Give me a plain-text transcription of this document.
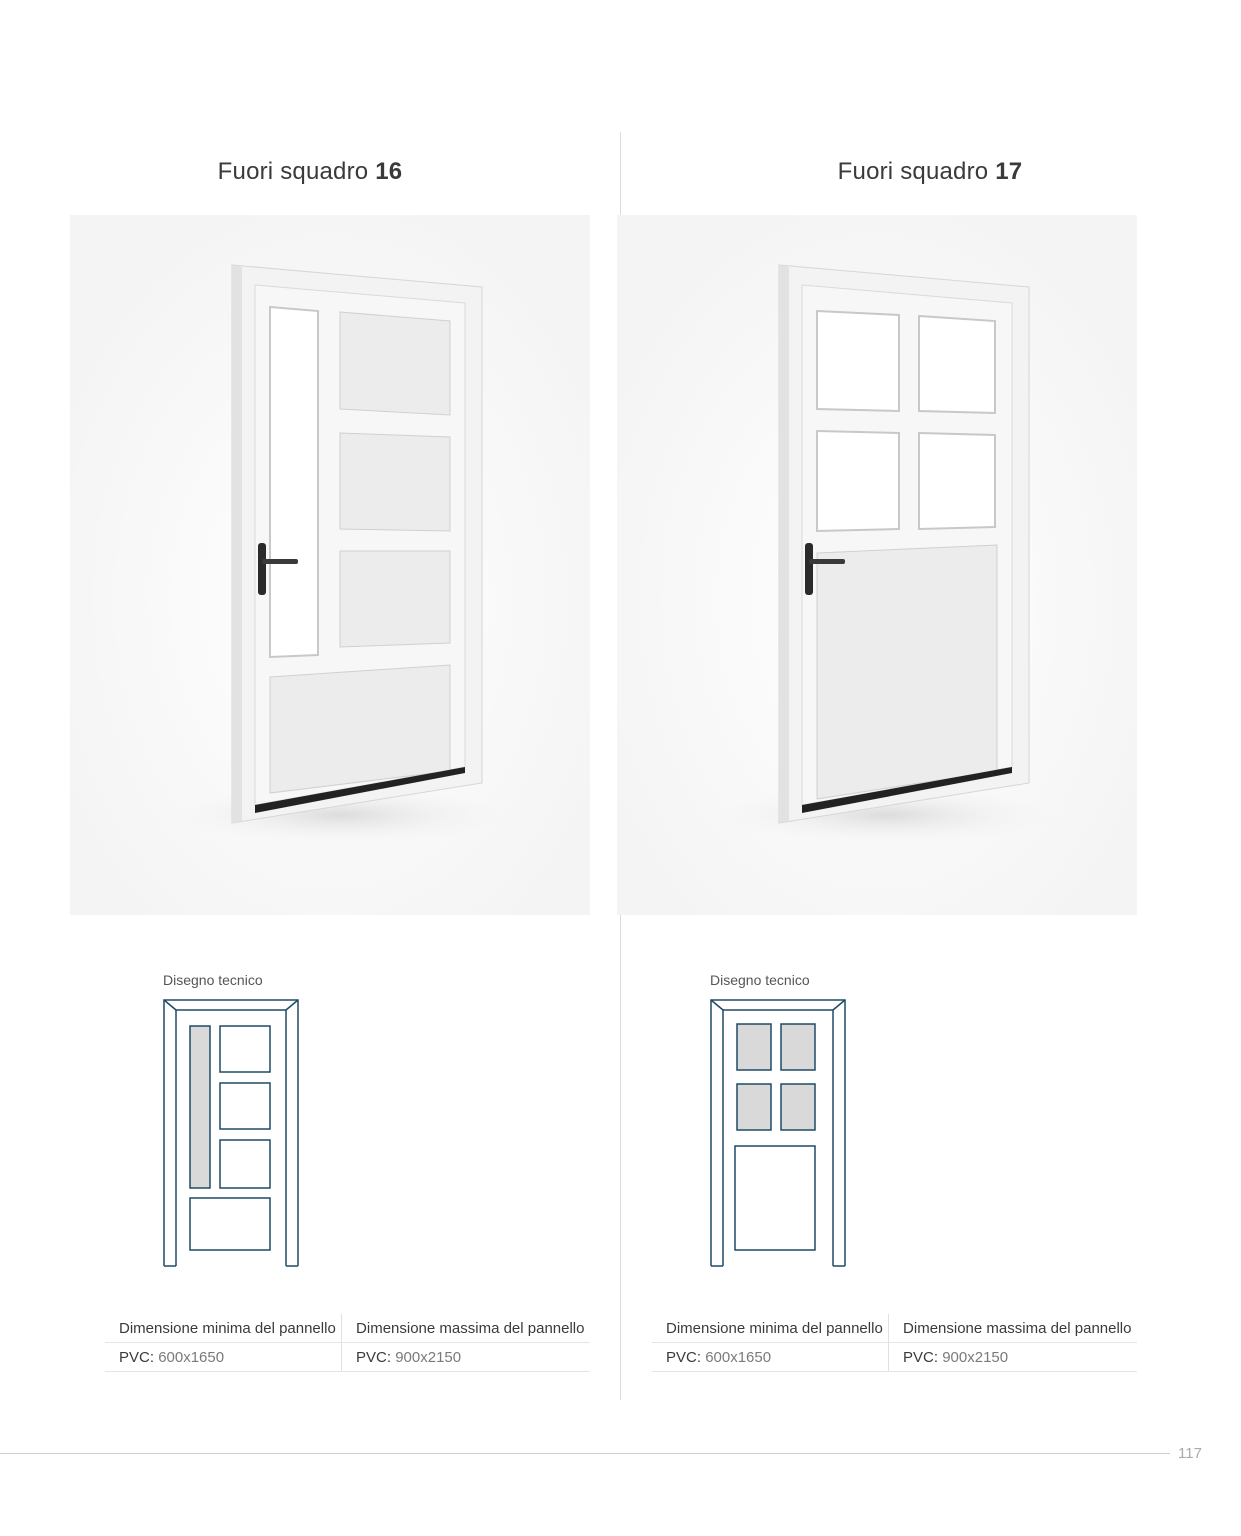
Fuori squadro 16
Disegno tecnico
Dimensione minima del pannello	Dimensione massima del pannello
PVC: 600x1650	PVC: 900x2150
Fuori squadro 17
Disegno tecnico
Dimensione minima del pannello	Dimensione massima del pannello
PVC: 600x1650	PVC: 900x2150
117
